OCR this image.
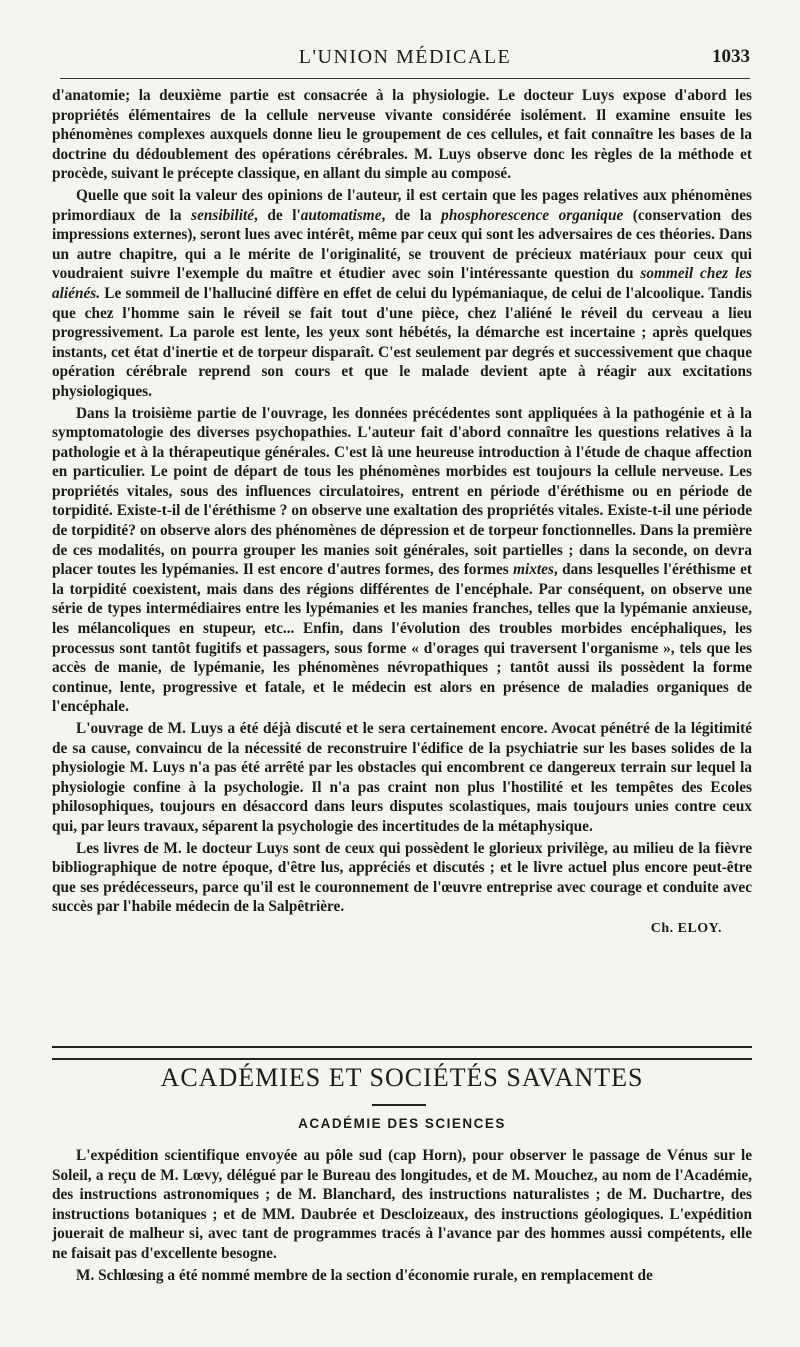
L'UNION MÉDICALE	1033

d'anatomie; la deuxième partie est consacrée à la physiologie. Le docteur Luys expose d'abord les propriétés élémentaires de la cellule nerveuse vivante considérée isolément. Il examine ensuite les phénomènes complexes auxquels donne lieu le groupement de ces cellules, et fait connaître les bases de la doctrine du dédoublement des opérations cérébrales. M. Luys observe donc les règles de la méthode et procède, suivant le précepte classique, en allant du simple au composé.

Quelle que soit la valeur des opinions de l'auteur, il est certain que les pages relatives aux phénomènes primordiaux de la sensibilité, de l'automatisme, de la phosphorescence organique (conservation des impressions externes), seront lues avec intérêt, même par ceux qui sont les adversaires de ces théories. Dans un autre chapitre, qui a le mérite de l'originalité, se trouvent de précieux matériaux pour ceux qui voudraient suivre l'exemple du maître et étudier avec soin l'intéressante question du sommeil chez les aliénés. Le sommeil de l'halluciné diffère en effet de celui du lypémaniaque, de celui de l'alcoolique. Tandis que chez l'homme sain le réveil se fait tout d'une pièce, chez l'aliéné le réveil du cerveau a lieu progressivement. La parole est lente, les yeux sont hébétés, la démarche est incertaine ; après quelques instants, cet état d'inertie et de torpeur disparaît. C'est seulement par degrés et successivement que chaque opération cérébrale reprend son cours et que le malade devient apte à réagir aux excitations physiologiques.

Dans la troisième partie de l'ouvrage, les données précédentes sont appliquées à la pathogénie et à la symptomatologie des diverses psychopathies. L'auteur fait d'abord connaître les questions relatives à la pathologie et à la thérapeutique générales. C'est là une heureuse introduction à l'étude de chaque affection en particulier. Le point de départ de tous les phénomènes morbides est toujours la cellule nerveuse. Les propriétés vitales, sous des influences circulatoires, entrent en période d'éréthisme ou en période de torpidité. Existe-t-il de l'éréthisme ? on observe une exaltation des propriétés vitales. Existe-t-il une période de torpidité? on observe alors des phénomènes de dépression et de torpeur fonctionnelles. Dans la première de ces modalités, on pourra grouper les manies soit générales, soit partielles ; dans la seconde, on devra placer toutes les lypémanies. Il est encore d'autres formes, des formes mixtes, dans lesquelles l'éréthisme et la torpidité coexistent, mais dans des régions différentes de l'encéphale. Par conséquent, on observe une série de types intermédiaires entre les lypémanies et les manies franches, telles que la lypémanie anxieuse, les mélancoliques en stupeur, etc... Enfin, dans l'évolution des troubles morbides encéphaliques, les processus sont tantôt fugitifs et passagers, sous forme « d'orages qui traversent l'organisme », tels que les accès de manie, de lypémanie, les phénomènes névropathiques ; tantôt aussi ils possèdent la forme continue, lente, progressive et fatale, et le médecin est alors en présence de maladies organiques de l'encéphale.

L'ouvrage de M. Luys a été déjà discuté et le sera certainement encore. Avocat pénétré de la légitimité de sa cause, convaincu de la nécessité de reconstruire l'édifice de la psychiatrie sur les bases solides de la physiologie M. Luys n'a pas été arrêté par les obstacles qui encombrent ce dangereux terrain sur lequel la physiologie confine à la psychologie. Il n'a pas craint non plus l'hostilité et les tempêtes des Ecoles philosophiques, toujours en désaccord dans leurs disputes scolastiques, mais toujours unies contre ceux qui, par leurs travaux, séparent la psychologie des incertitudes de la métaphysique.

Les livres de M. le docteur Luys sont de ceux qui possèdent le glorieux privilège, au milieu de la fièvre bibliographique de notre époque, d'être lus, appréciés et discutés ; et le livre actuel plus encore peut-être que ses prédécesseurs, parce qu'il est le couronnement de l'œuvre entreprise avec courage et conduite avec succès par l'habile médecin de la Salpêtrière.

Ch. ELOY.
ACADÉMIES ET SOCIÉTÉS SAVANTES
ACADÉMIE DES SCIENCES

L'expédition scientifique envoyée au pôle sud (cap Horn), pour observer le passage de Vénus sur le Soleil, a reçu de M. Lœvy, délégué par le Bureau des longitudes, et de M. Mouchez, au nom de l'Académie, des instructions astronomiques ; de M. Blanchard, des instructions naturalistes ; de M. Duchartre, des instructions botaniques ; et de MM. Daubrée et Descloizeaux, des instructions géologiques. L'expédition jouerait de malheur si, avec tant de programmes tracés à l'avance par des hommes aussi compétents, elle ne faisait pas d'excellente besogne.

M. Schlœsing a été nommé membre de la section d'économie rurale, en remplacement de
